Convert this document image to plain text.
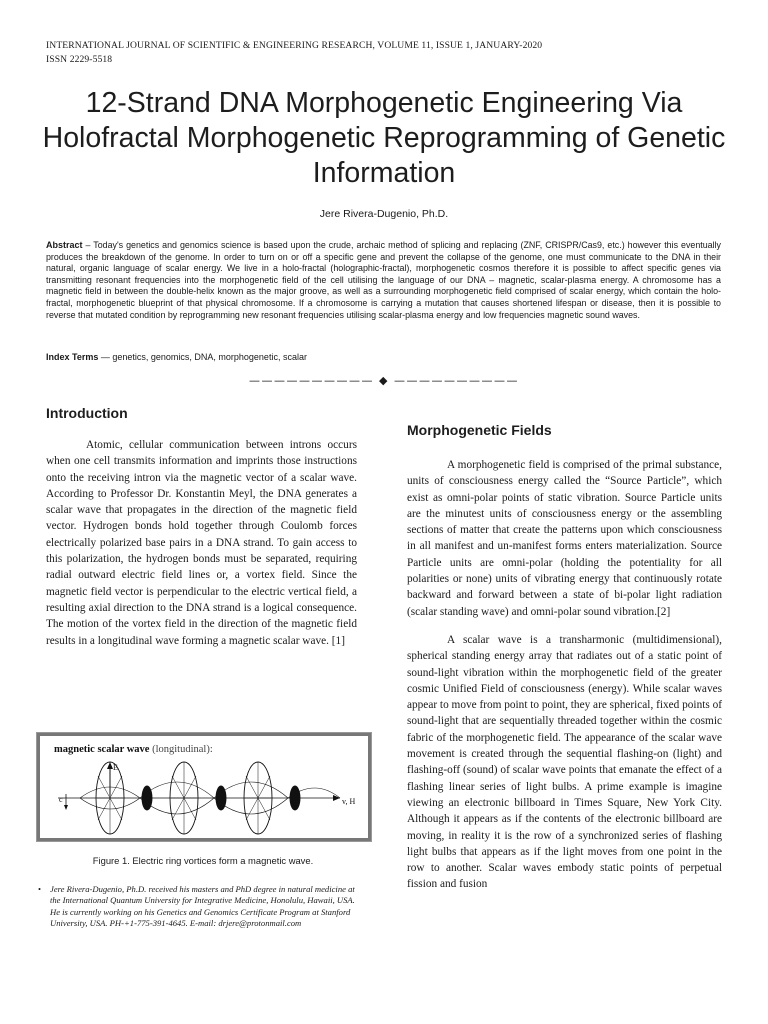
INTERNATIONAL JOURNAL OF SCIENTIFIC & ENGINEERING RESEARCH, VOLUME 11, ISSUE 1, JANUARY-2020
ISSN 2229-5518
12-Strand DNA Morphogenetic Engineering Via Holofractal Morphogenetic Reprogramming of Genetic Information
Jere Rivera-Dugenio, Ph.D.
Abstract – Today's genetics and genomics science is based upon the crude, archaic method of splicing and replacing (ZNF, CRISPR/Cas9, etc.) however this eventually produces the breakdown of the genome. In order to turn on or off a specific gene and prevent the collapse of the genome, one must communicate to the DNA in their natural, organic language of scalar energy. We live in a holo-fractal (holographic-fractal), morphogenetic cosmos therefore it is possible to affect specific genes via transmitting resonant frequencies into the morphogenetic field of the cell utilising the language of our DNA – magnetic, scalar-plasma energy. A chromosome has a magnetic field in between the double-helix known as the major groove, as well as a surrounding morphogenetic field comprised of scalar energy, which contain the holo-fractal, morphogenetic blueprint of that physical chromosome. If a chromosome is carrying a mutation that causes shortened lifespan or disease, then it is possible to reverse that mutated condition by reprogramming new resonant frequencies utilising scalar-plasma energy and low frequencies magnetic sound waves.
Index Terms — genetics, genomics, DNA, morphogenetic, scalar
—————————— ◆ ——————————
Introduction

Atomic, cellular communication between introns occurs when one cell transmits information and imprints those instructions onto the receiving intron via the magnetic vector of a scalar wave. According to Professor Dr. Konstantin Meyl, the DNA generates a scalar wave that propagates in the direction of the magnetic field vector. Hydrogen bonds hold together through Coulomb forces electrically polarized base pairs in a DNA strand. To gain access to this polarization, the hydrogen bonds must be separated, requiring radial outward electric field lines or, a vortex field. Since the magnetic field vector is perpendicular to the electric vertical field, a resulting axial direction to the DNA strand is a logical consequence. The motion of the vortex field in the direction of the magnetic field results in a longitudinal wave forming a magnetic scalar wave. [1]

magnetic scalar wave (longitudinal):
E
c	v, H
Figure 1. Electric ring vortices form a magnetic wave.
• Jere Rivera-Dugenio, Ph.D. received his masters and PhD degree in natural medicine at the International Quantum University for Integrative Medicine, Honolulu, Hawaii, USA. He is currently working on his Genetics and Genomics Certificate Program at Stanford University, USA. PH-+1-775-391-4645. E-mail: drjere@protonmail.com
Morphogenetic Fields

A morphogenetic field is comprised of the primal substance, units of consciousness energy called the “Source Particle”, which exist as omni-polar points of static vibration. Source Particle units are the minutest units of consciousness energy or the assembling sections of matter that create the patterns upon which consciousness in all manifest and un-manifest forms enters materialization. Source Particle units are omni-polar (holding the potentiality for all polarities or none) units of vibrating energy that continuously rotate backward and forward between a state of bi-polar light radiation (scalar standing wave) and omni-polar sound vibration.[2]

A scalar wave is a transharmonic (multidimensional), spherical standing energy array that radiates out of a static point of sound-light vibration within the morphogenetic field of the greater cosmic Unified Field of consciousness (energy). While scalar waves appear to move from point to point, they are spherical, fixed points of sound-light that are sequentially threaded together within the cosmic fabric of the morphogenetic field. The appearance of the scalar wave movement is created through the sequential flashing-on (light) and flashing-off (sound) of scalar wave points that emanate the effect of a flashing linear series of light bulbs. A prime example is imagine viewing an electronic billboard in Times Square, New York City. Although it appears as if the contents of the electronic billboard are moving, in reality it is the row of a synchronized series of flashing light bulbs that appears as if the light moves from one point in the row to another. Scalar waves embody static points of perpetual fission and fusion
